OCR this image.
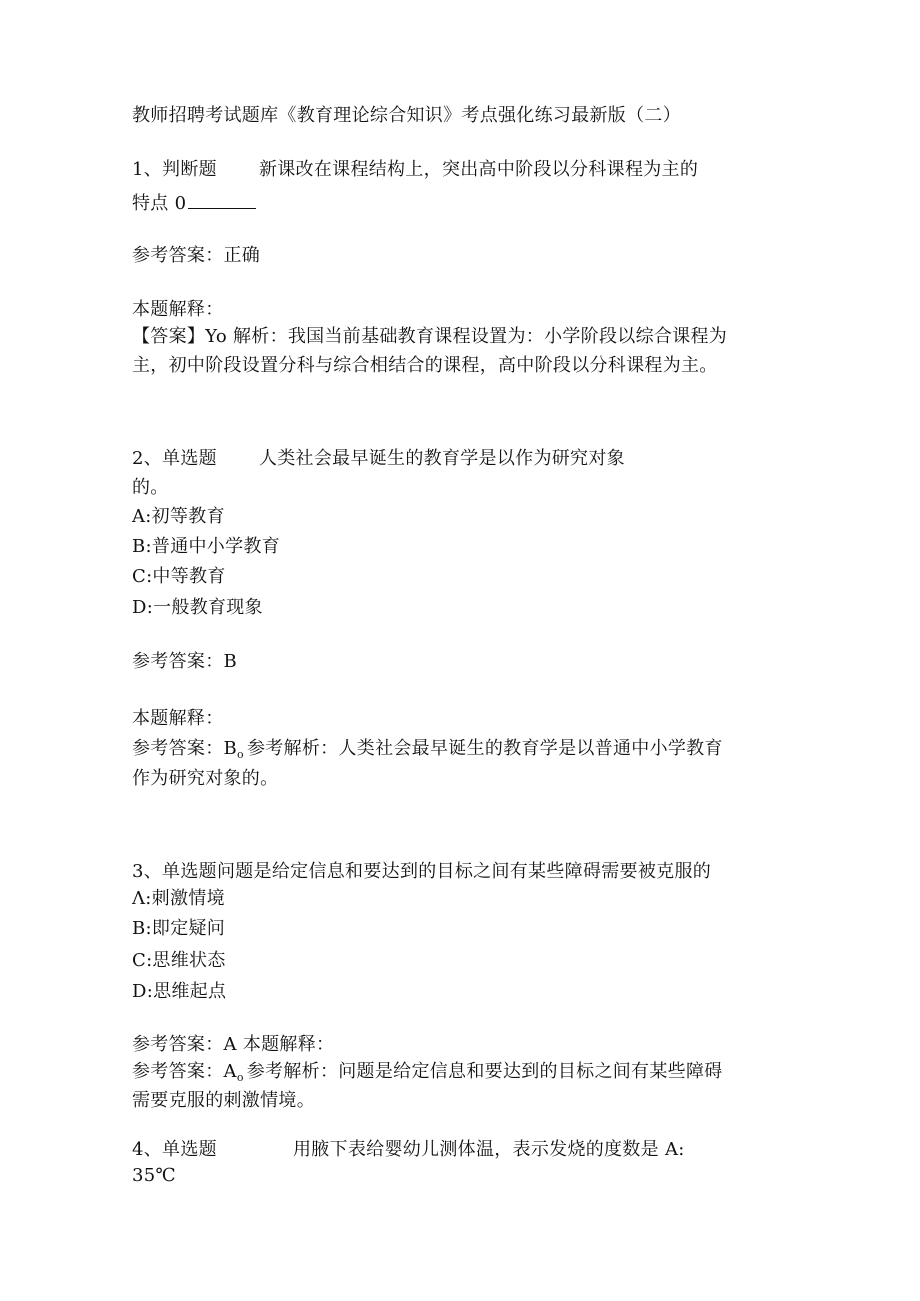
教师招聘考试题库《教育理论综合知识》考点强化练习最新版（二）
1、判断题 新课改在课程结构上，突出高中阶段以分科课程为主的
特点 0
参考答案：正确
本题解释：
【答案】Yo 解析：我国当前基础教育课程设置为：小学阶段以综合课程为
主，初中阶段设置分科与综合相结合的课程，高中阶段以分科课程为主。
2、单选题 人类社会最早诞生的教育学是以作为研究对象
的。
A:初等教育
B:普通中小学教育
C:中等教育
D:一般教育现象
参考答案：B
本题解释：
参考答案：$B_o$ 参考解析：人类社会最早诞生的教育学是以普通中小学教育
作为研究对象的。
3、单选题问题是给定信息和要达到的目标之间有某些障碍需要被克服的
Λ:刺激情境
B:即定疑问
C:思维状态
D:思维起点
参考答案：A 本题解释：
参考答案：$A_o$ 参考解析：问题是给定信息和要达到的目标之间有某些障碍
需要克服的刺激情境。
4、单选题	用腋下表给婴幼儿测体温，表示发烧的度数是 A:
35℃
